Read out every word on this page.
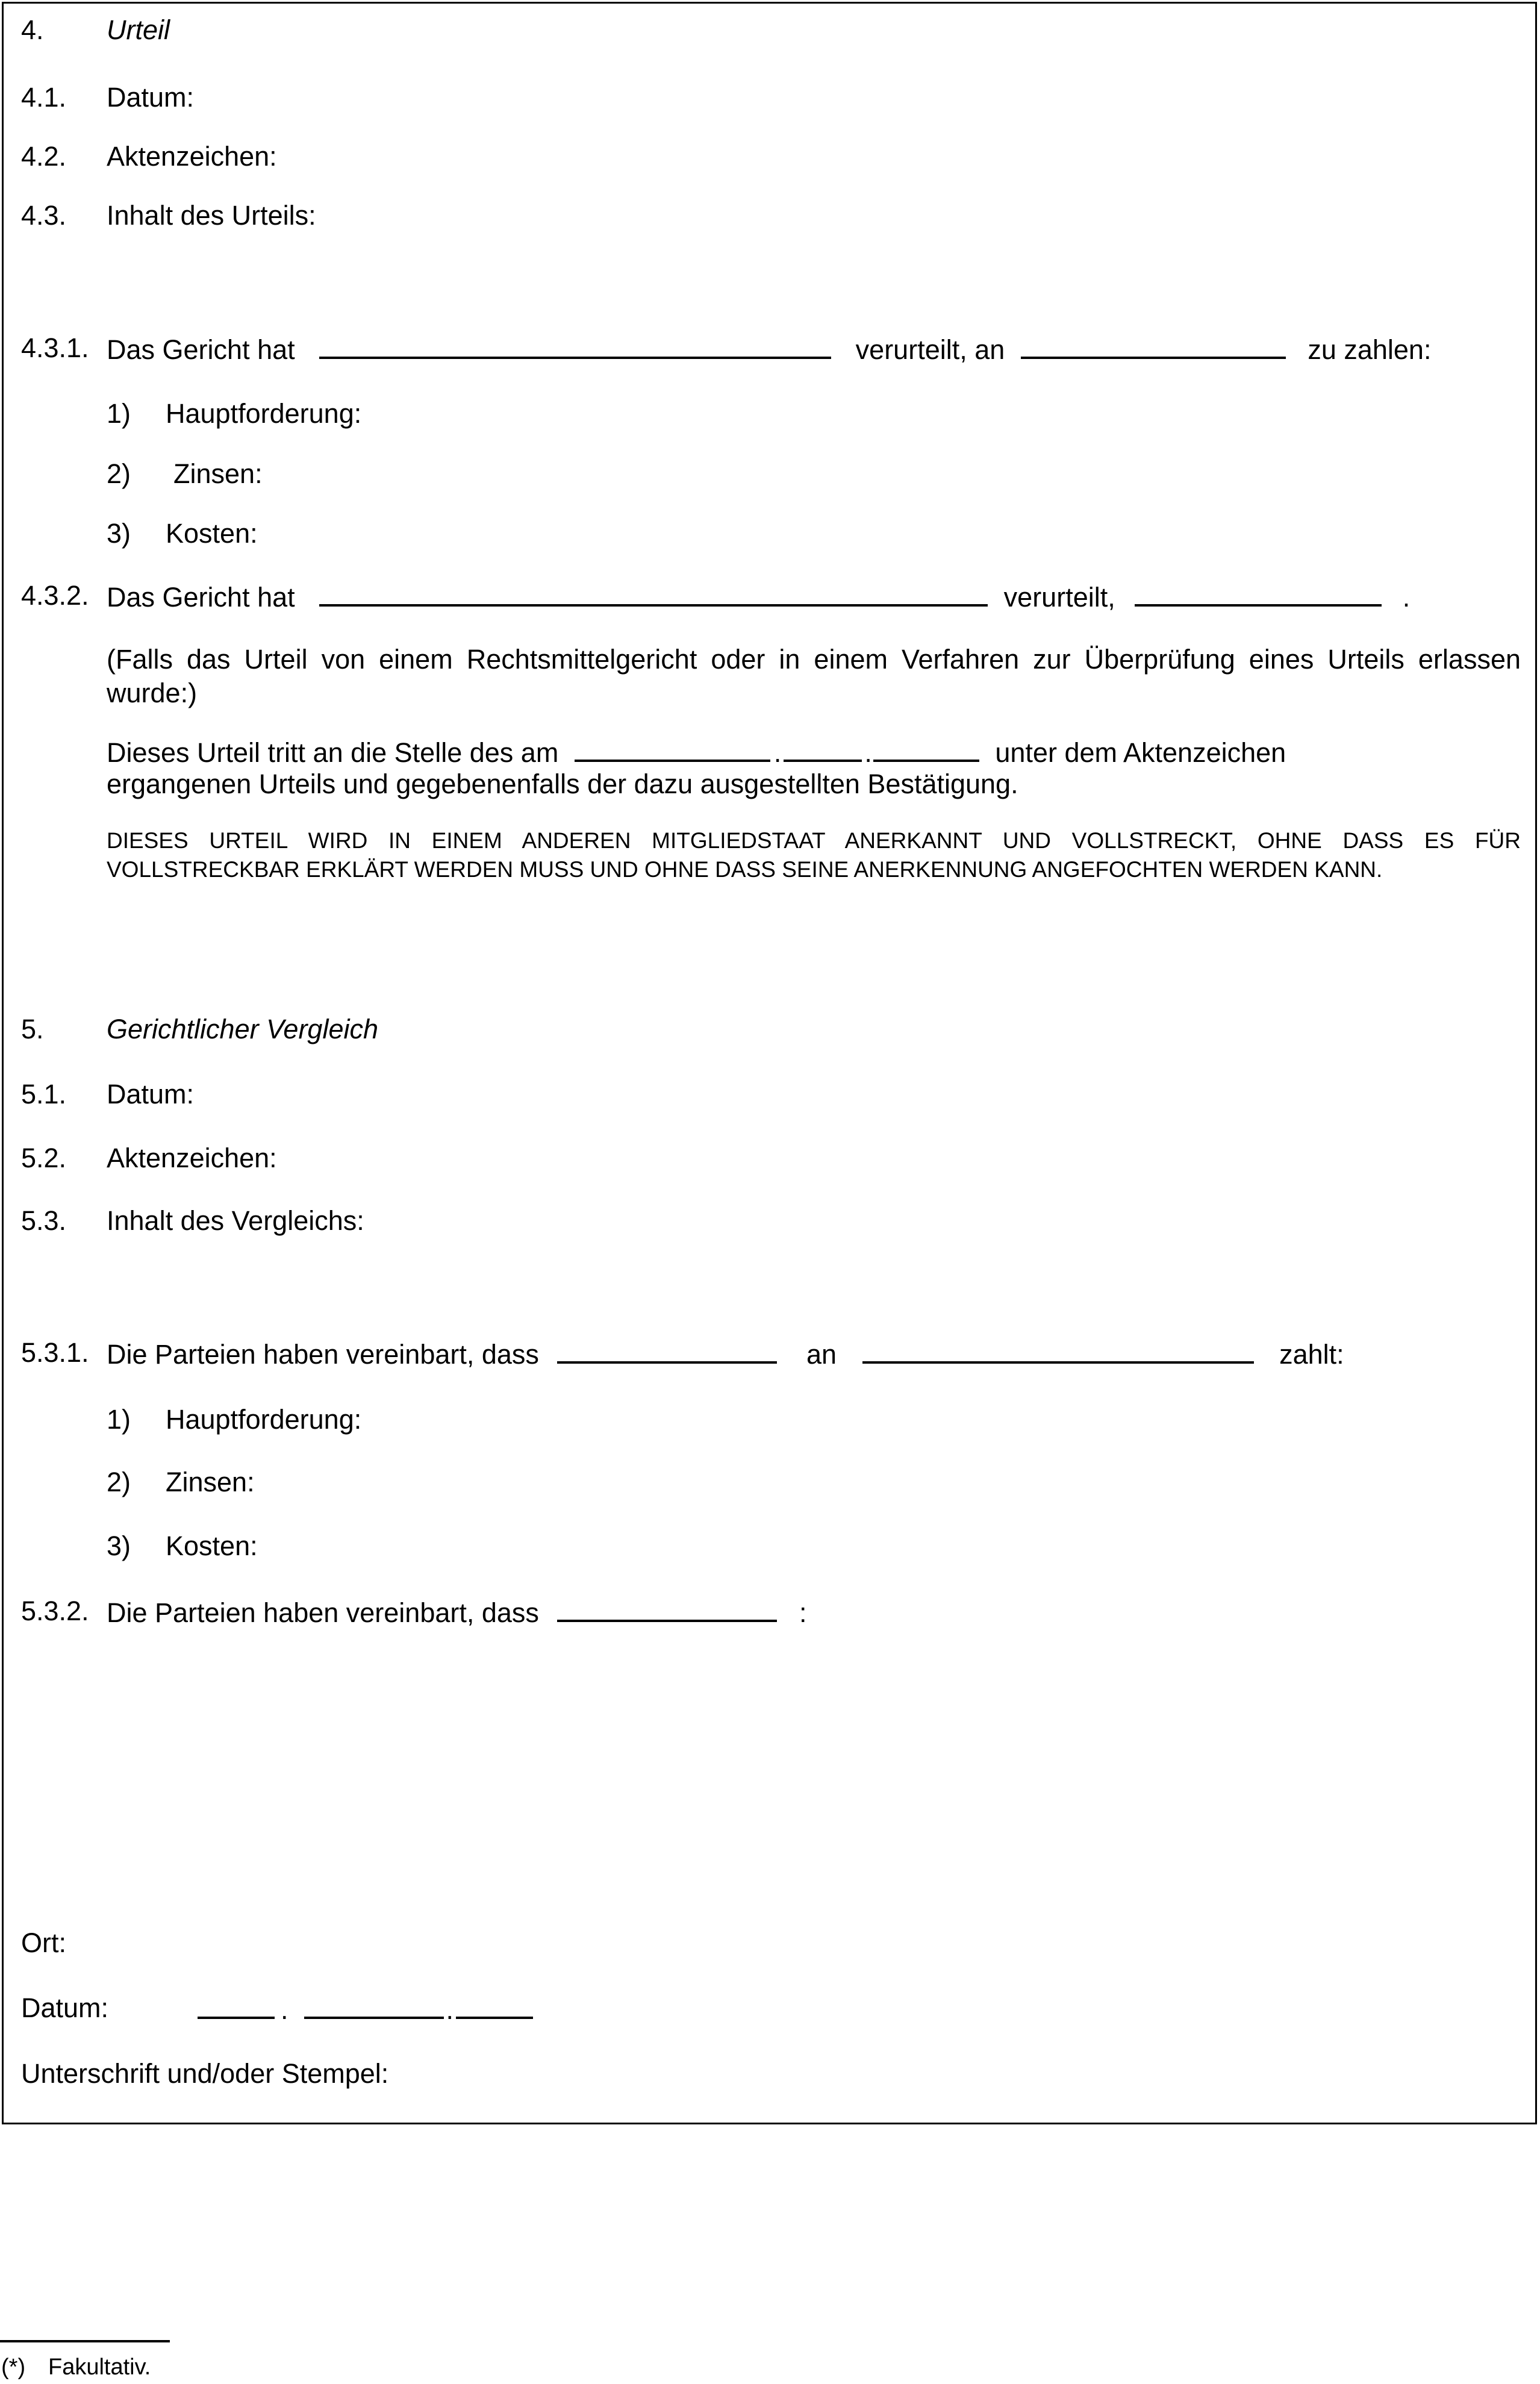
4. Urteil
4.1. Datum:
4.2. Aktenzeichen:
4.3. Inhalt des Urteils:
4.3.1. Das Gericht hat	verurteilt, an	zu zahlen:
1) Hauptforderung:
2) Zinsen:
3) Kosten:
4.3.2. Das Gericht hat	verurteilt,	.
(Falls das Urteil von einem Rechtsmittelgericht oder in einem Verfahren zur Überprüfung eines Urteils erlassen wurde:)
Dieses Urteil tritt an die Stelle des am	.	.	unter dem Aktenzeichen
ergangenen Urteils und gegebenenfalls der dazu ausgestellten Bestätigung.
DIESES URTEIL WIRD IN EINEM ANDEREN MITGLIEDSTAAT ANERKANNT UND VOLLSTRECKT, OHNE DASS ES FÜR VOLLSTRECKBAR ERKLÄRT WERDEN MUSS UND OHNE DASS SEINE ANERKENNUNG ANGEFOCHTEN WERDEN KANN.
5. Gerichtlicher Vergleich
5.1. Datum:
5.2. Aktenzeichen:
5.3. Inhalt des Vergleichs:
5.3.1. Die Parteien haben vereinbart, dass	an	zahlt:
1) Hauptforderung:
2) Zinsen:
3) Kosten:
5.3.2. Die Parteien haben vereinbart, dass	:
Ort:
Datum:	.	.
Unterschrift und/oder Stempel:
(*) Fakultativ.
